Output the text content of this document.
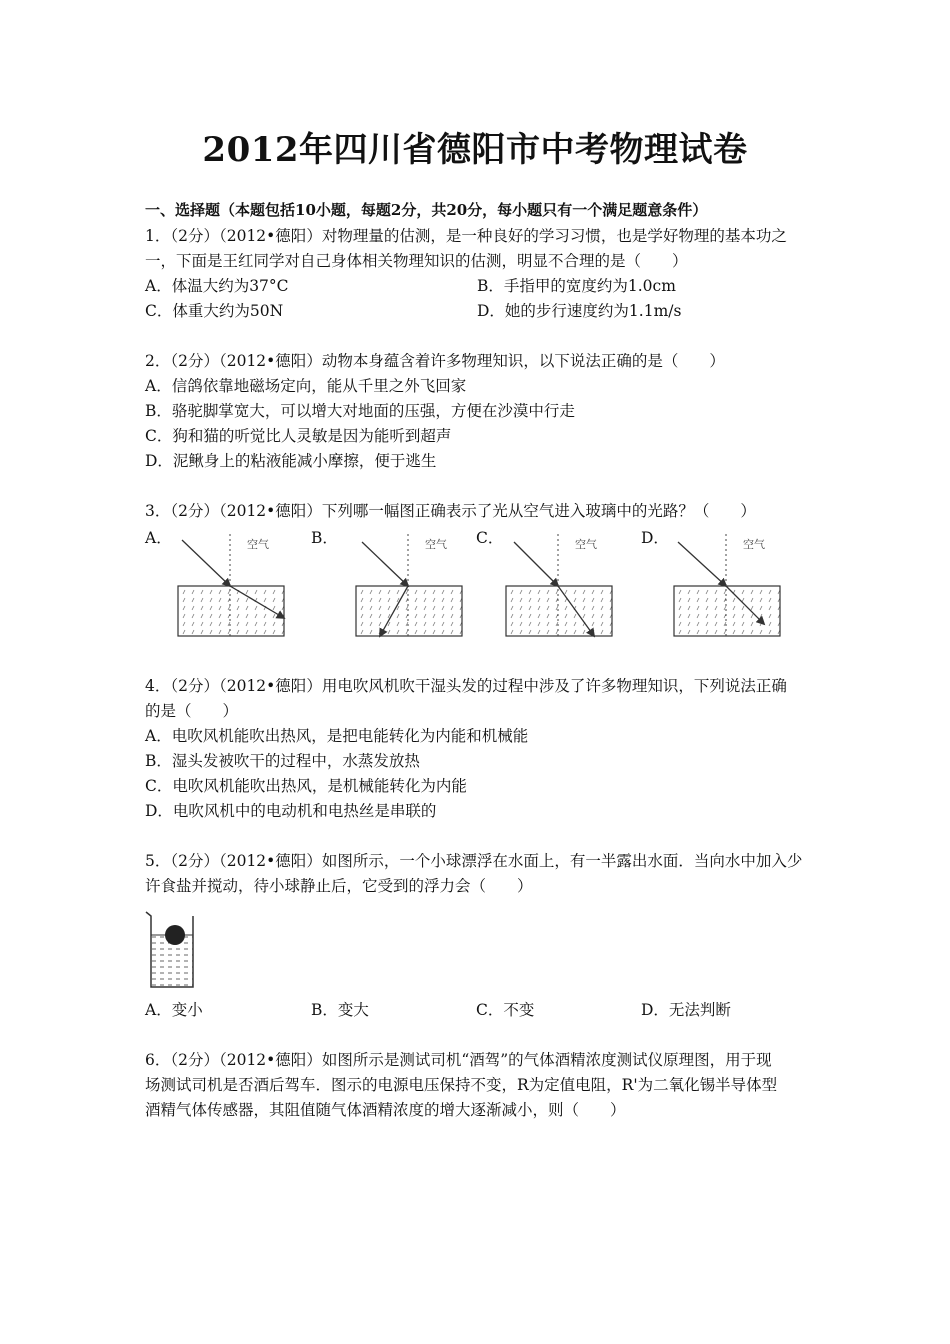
2012年四川省德阳市中考物理试卷
一、选择题（本题包括10小题，每题2分，共20分，每小题只有一个满足题意条件）
1．（2分）（2012•德阳）对物理量的估测，是一种良好的学习习惯，也是学好物理的基本功之
一，下面是王红同学对自己身体相关物理知识的估测，明显不合理的是（　　）
A．体温大约为37°C	B．手指甲的宽度约为1.0cm
C．体重大约为50N	D．她的步行速度约为1.1m/s
2．（2分）（2012•德阳）动物本身蕴含着许多物理知识，以下说法正确的是（　　）
A．信鸽依靠地磁场定向，能从千里之外飞回家
B．骆驼脚掌宽大，可以增大对地面的压强，方便在沙漠中行走
C．狗和猫的听觉比人灵敏是因为能听到超声
D．泥鳅身上的粘液能减小摩擦，便于逃生
3．（2分）（2012•德阳）下列哪一幅图正确表示了光从空气进入玻璃中的光路？（　　）
A．	B．	C．	D．
空气	空气	空气	空气
4．（2分）（2012•德阳）用电吹风机吹干湿头发的过程中涉及了许多物理知识，下列说法正确
的是（　　）
A．电吹风机能吹出热风，是把电能转化为内能和机械能
B．湿头发被吹干的过程中，水蒸发放热
C．电吹风机能吹出热风，是机械能转化为内能
D．电吹风机中的电动机和电热丝是串联的
5．（2分）（2012•德阳）如图所示，一个小球漂浮在水面上，有一半露出水面．当向水中加入少
许食盐并搅动，待小球静止后，它受到的浮力会（　　）
A．变小	B．变大	C．不变	D．无法判断
6．（2分）（2012•德阳）如图所示是测试司机“酒驾”的气体酒精浓度测试仪原理图，用于现
场测试司机是否酒后驾车．图示的电源电压保持不变，R为定值电阻，R'为二氧化锡半导体型
酒精气体传感器，其阻值随气体酒精浓度的增大逐渐减小，则（　　）
